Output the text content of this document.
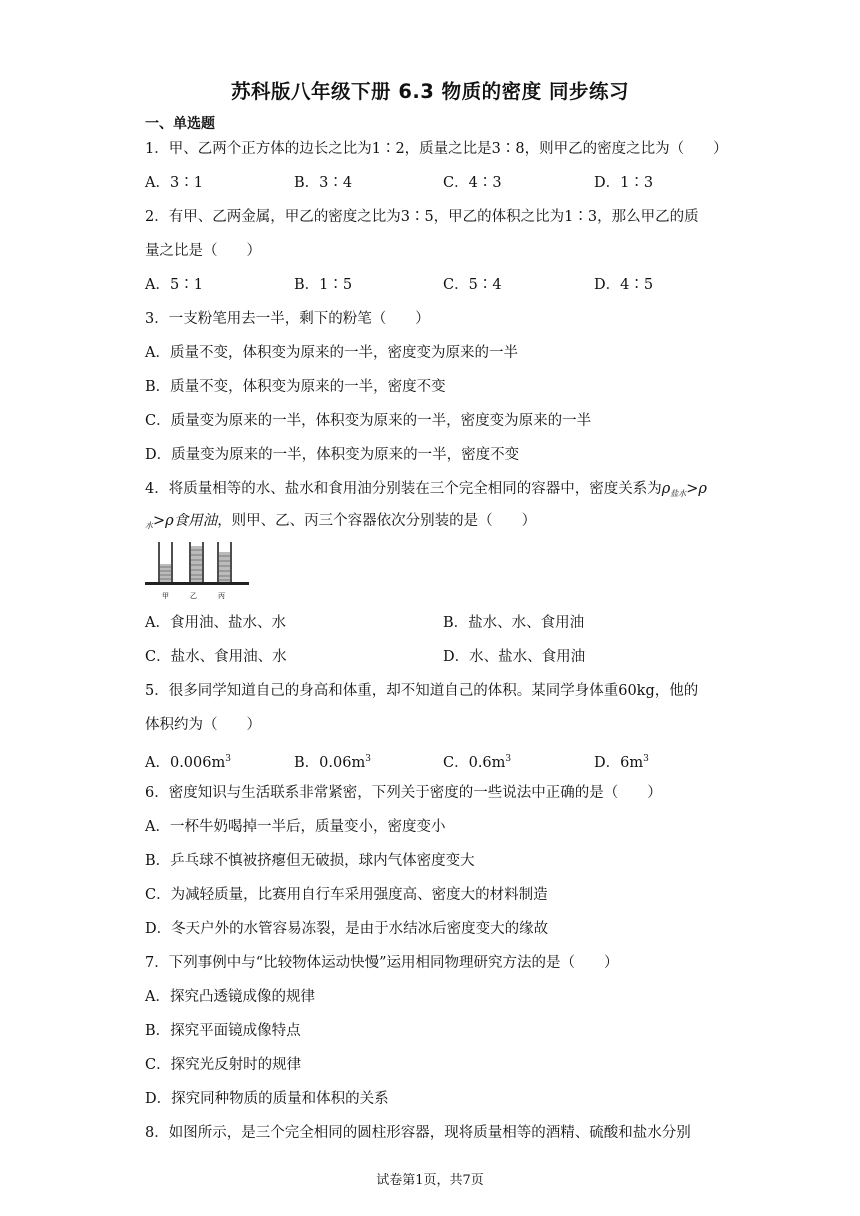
苏科版八年级下册 6.3 物质的密度 同步练习
一、单选题
1．甲、乙两个正方体的边长之比为1∶2，质量之比是3∶8，则甲乙的密度之比为（　　）
A．3∶1	B．3∶4	C．4∶3	D．1∶3
2．有甲、乙两金属，甲乙的密度之比为3∶5，甲乙的体积之比为1∶3，那么甲乙的质
量之比是（　　）
A．5∶1	B．1∶5	C．5∶4	D．4∶5
3．一支粉笔用去一半，剩下的粉笔（　　）
A．质量不变，体积变为原来的一半，密度变为原来的一半
B．质量不变，体积变为原来的一半，密度不变
C．质量变为原来的一半，体积变为原来的一半，密度变为原来的一半
D．质量变为原来的一半，体积变为原来的一半，密度不变
4．将质量相等的水、盐水和食用油分别装在三个完全相同的容器中，密度关系为$\rho_{盐水}>\rho$
$_水$>ρ食用油，则甲、乙、丙三个容器依次分别装的是（　　）
甲	乙	丙
A．食用油、盐水、水	B．盐水、水、食用油
C．盐水、食用油、水	D．水、盐水、食用油
5．很多同学知道自己的身高和体重，却不知道自己的体积。某同学身体重60kg，他的
体积约为（　　）
A．$0.006m^3$	B．$0.06m^3$	C．$0.6m^3$	D．$6m^3$
6．密度知识与生活联系非常紧密，下列关于密度的一些说法中正确的是（　　）
A．一杯牛奶喝掉一半后，质量变小，密度变小
B．乒乓球不慎被挤瘪但无破损，球内气体密度变大
C．为减轻质量，比赛用自行车采用强度高、密度大的材料制造
D．冬天户外的水管容易冻裂，是由于水结冰后密度变大的缘故
7．下列事例中与“比较物体运动快慢”运用相同物理研究方法的是（　　）
A．探究凸透镜成像的规律
B．探究平面镜成像特点
C．探究光反射时的规律
D．探究同种物质的质量和体积的关系
8．如图所示，是三个完全相同的圆柱形容器，现将质量相等的酒精、硫酸和盐水分别
试卷第1页，共7页
